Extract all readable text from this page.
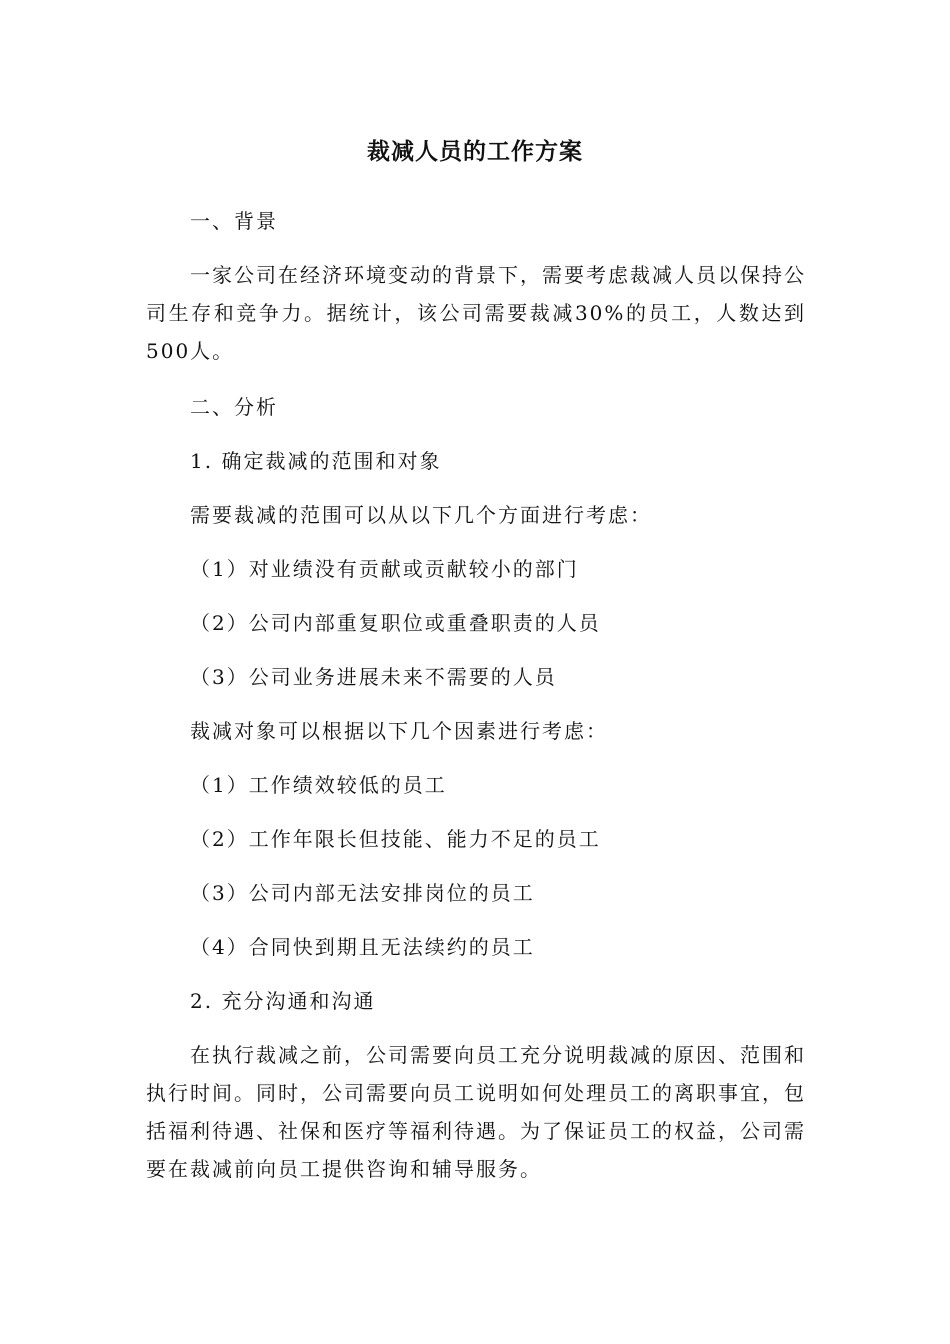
裁减人员的工作方案
一、背景
一家公司在经济环境变动的背景下，需要考虑裁减人员以保持公司生存和竞争力。据统计，该公司需要裁减30%的员工，人数达到500人。
二、分析
1. 确定裁减的范围和对象
需要裁减的范围可以从以下几个方面进行考虑：
（1）对业绩没有贡献或贡献较小的部门
（2）公司内部重复职位或重叠职责的人员
（3）公司业务进展未来不需要的人员
裁减对象可以根据以下几个因素进行考虑：
（1）工作绩效较低的员工
（2）工作年限长但技能、能力不足的员工
（3）公司内部无法安排岗位的员工
（4）合同快到期且无法续约的员工
2. 充分沟通和沟通
在执行裁减之前，公司需要向员工充分说明裁减的原因、范围和执行时间。同时，公司需要向员工说明如何处理员工的离职事宜，包括福利待遇、社保和医疗等福利待遇。为了保证员工的权益，公司需要在裁减前向员工提供咨询和辅导服务。
